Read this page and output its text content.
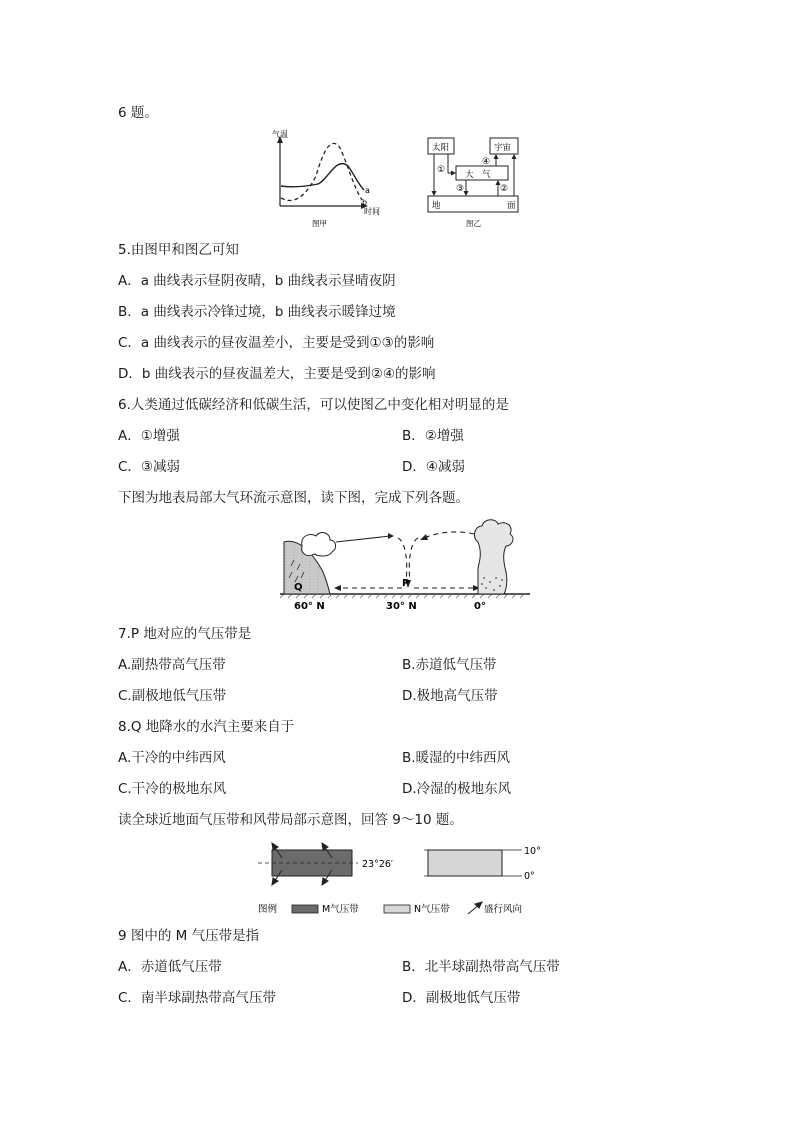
6 题。
气温
时间
a
b
图甲
太阳	宇宙
大　气
地	面
①
②
③
④
图乙
5.由图甲和图乙可知
A．a 曲线表示昼阴夜晴，b 曲线表示昼晴夜阴
B．a 曲线表示冷锋过境，b 曲线表示暖锋过境
C．a 曲线表示的昼夜温差小，主要是受到①③的影响
D．b 曲线表示的昼夜温差大，主要是受到②④的影响
6.人类通过低碳经济和低碳生活，可以使图乙中变化相对明显的是
A．①增强	B．②增强
C．③减弱	D．④减弱
下图为地表局部大气环流示意图，读下图，完成下列各题。
Q	P
60° N	30° N	0°
7.P 地对应的气压带是
A.副热带高气压带	B.赤道低气压带
C.副极地低气压带	D.极地高气压带
8.Q 地降水的水汽主要来自于
A.干冷的中纬西风	B.暖湿的中纬西风
C.干冷的极地东风	D.冷湿的极地东风
读全球近地面气压带和风带局部示意图，回答 9～10 题。
23°26′
10°
0°
图例	M气压带	N气压带	盛行风向
9 图中的 M 气压带是指
A．赤道低气压带	B．北半球副热带高气压带
C．南半球副热带高气压带	D．副极地低气压带
